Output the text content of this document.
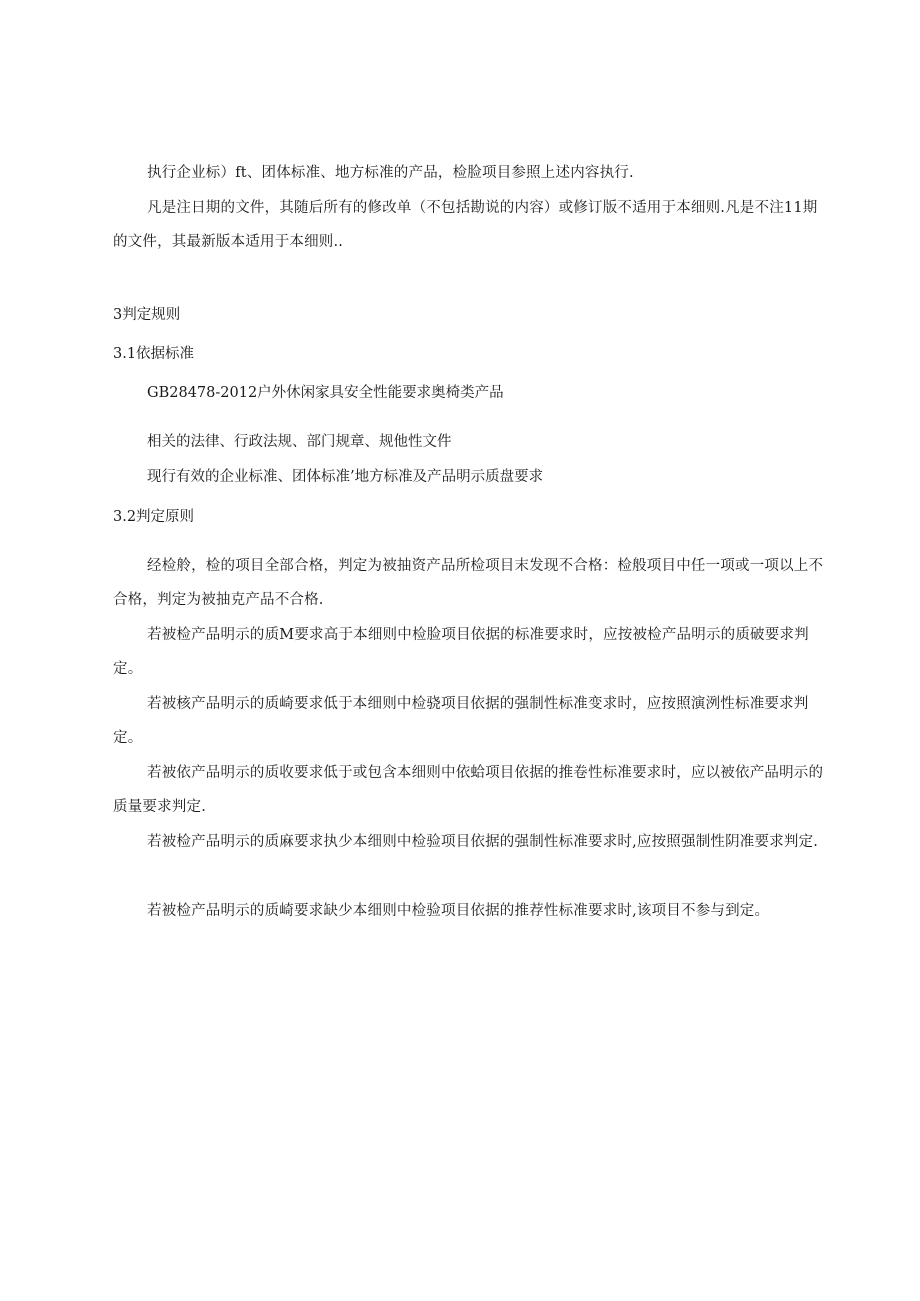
执行企业标）ft、团体标准、地方标准的产品，检脸项目参照上述内容执行.
凡是注日期的文件，其随后所有的修改单（不包括勘说的内容）或修订版不适用于本细则.凡是不注11期的文件，其最新版本适用于本细则..
3判定规则
3.1依据标准
GB28478-2012户外休闲家具安全性能要求奥椅类产品
相关的法律、行政法规、部门规章、规他性文件
现行有效的企业标准、团体标准’地方标准及产品明示质盘要求
3.2判定原则
经检舲，检的项目全部合格，判定为被抽资产品所检项目末发现不合格：检般项目中任一项或一项以上不合格，判定为被抽克产品不合格.
若被检产品明示的质M要求高于本细则中检脸项目依据的标准要求时，应按被检产品明示的质破要求判定。
若被核产品明示的质崎要求低于本细则中检骁项目依据的强制性标准变求时，应按照演洌性标准要求判定。
若被依产品明示的质收要求低于或包含本细则中依蛤项目依据的推卷性标准要求时，应以被依产品明示的质量要求判定.
若被检产品明示的质麻要求执少本细则中检验项目依据的强制性标准要求时,应按照强制性阴准要求判定.
若被检产品明示的质崎要求缺少本细则中检验项目依据的推荐性标准要求时,该项目不参与到定。
